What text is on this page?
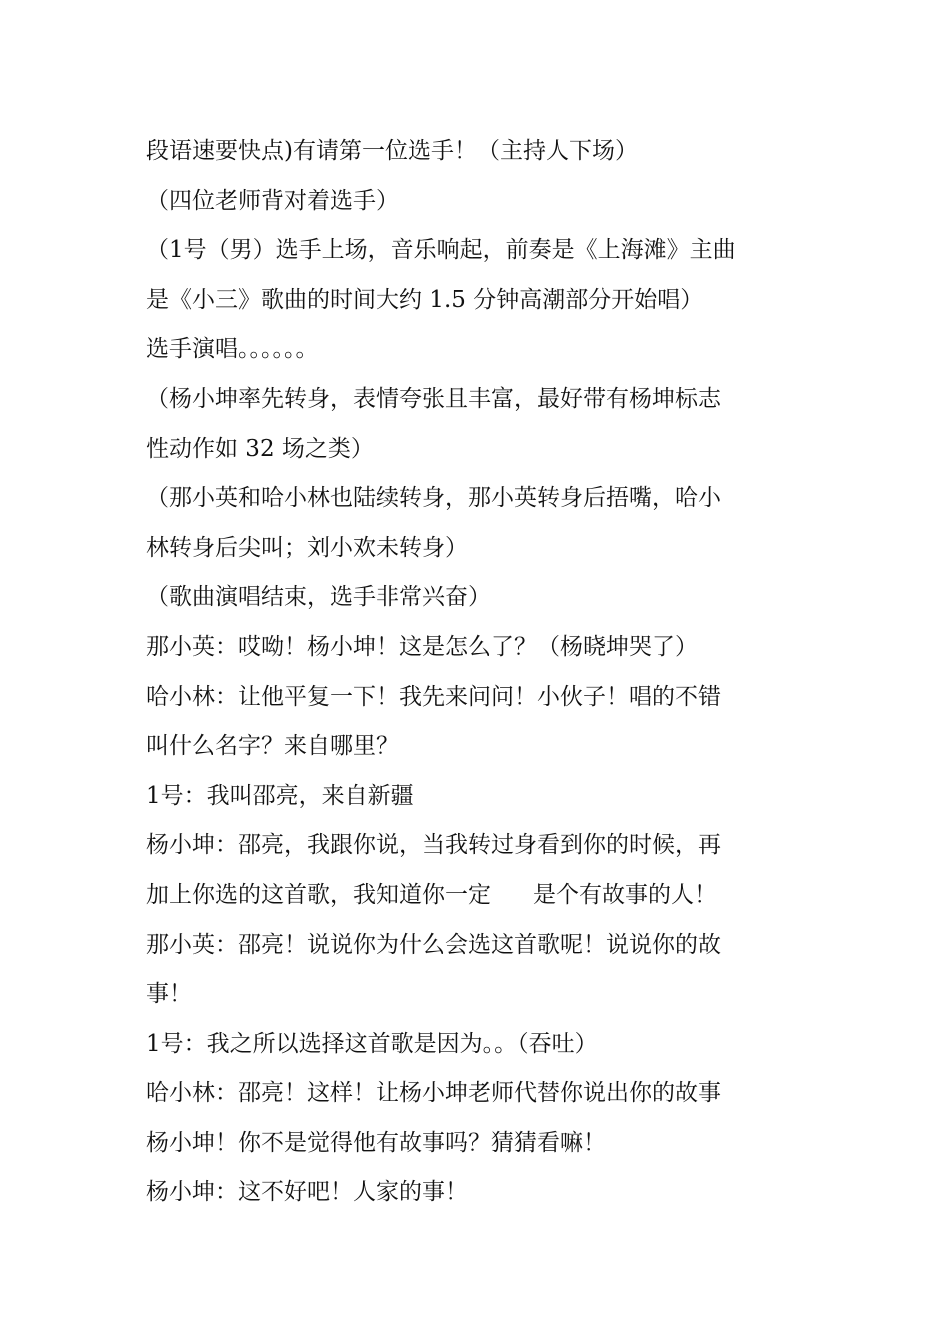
段语速要快点)有请第一位选手！（主持人下场）
（四位老师背对着选手）
（1号（男）选手上场，音乐响起，前奏是《上海滩》主曲
是《小三》歌曲的时间大约 1.5 分钟高潮部分开始唱）
选手演唱。。。。。。
（杨小坤率先转身，表情夸张且丰富，最好带有杨坤标志
性动作如 32 场之类）
（那小英和哈小林也陆续转身，那小英转身后捂嘴，哈小
林转身后尖叫；刘小欢未转身）
（歌曲演唱结束，选手非常兴奋）
那小英：哎呦！杨小坤！这是怎么了？（杨晓坤哭了）
哈小林：让他平复一下！我先来问问！小伙子！唱的不错
叫什么名字？来自哪里？
1号：我叫邵亮，来自新疆
杨小坤：邵亮，我跟你说，当我转过身看到你的时候，再
加上你选的这首歌，我知道你一定 是个有故事的人！
那小英：邵亮！说说你为什么会选这首歌呢！说说你的故
事！
1号：我之所以选择这首歌是因为。。（吞吐）
哈小林：邵亮！这样！让杨小坤老师代替你说出你的故事
杨小坤！你不是觉得他有故事吗？猜猜看嘛！
杨小坤：这不好吧！人家的事！
